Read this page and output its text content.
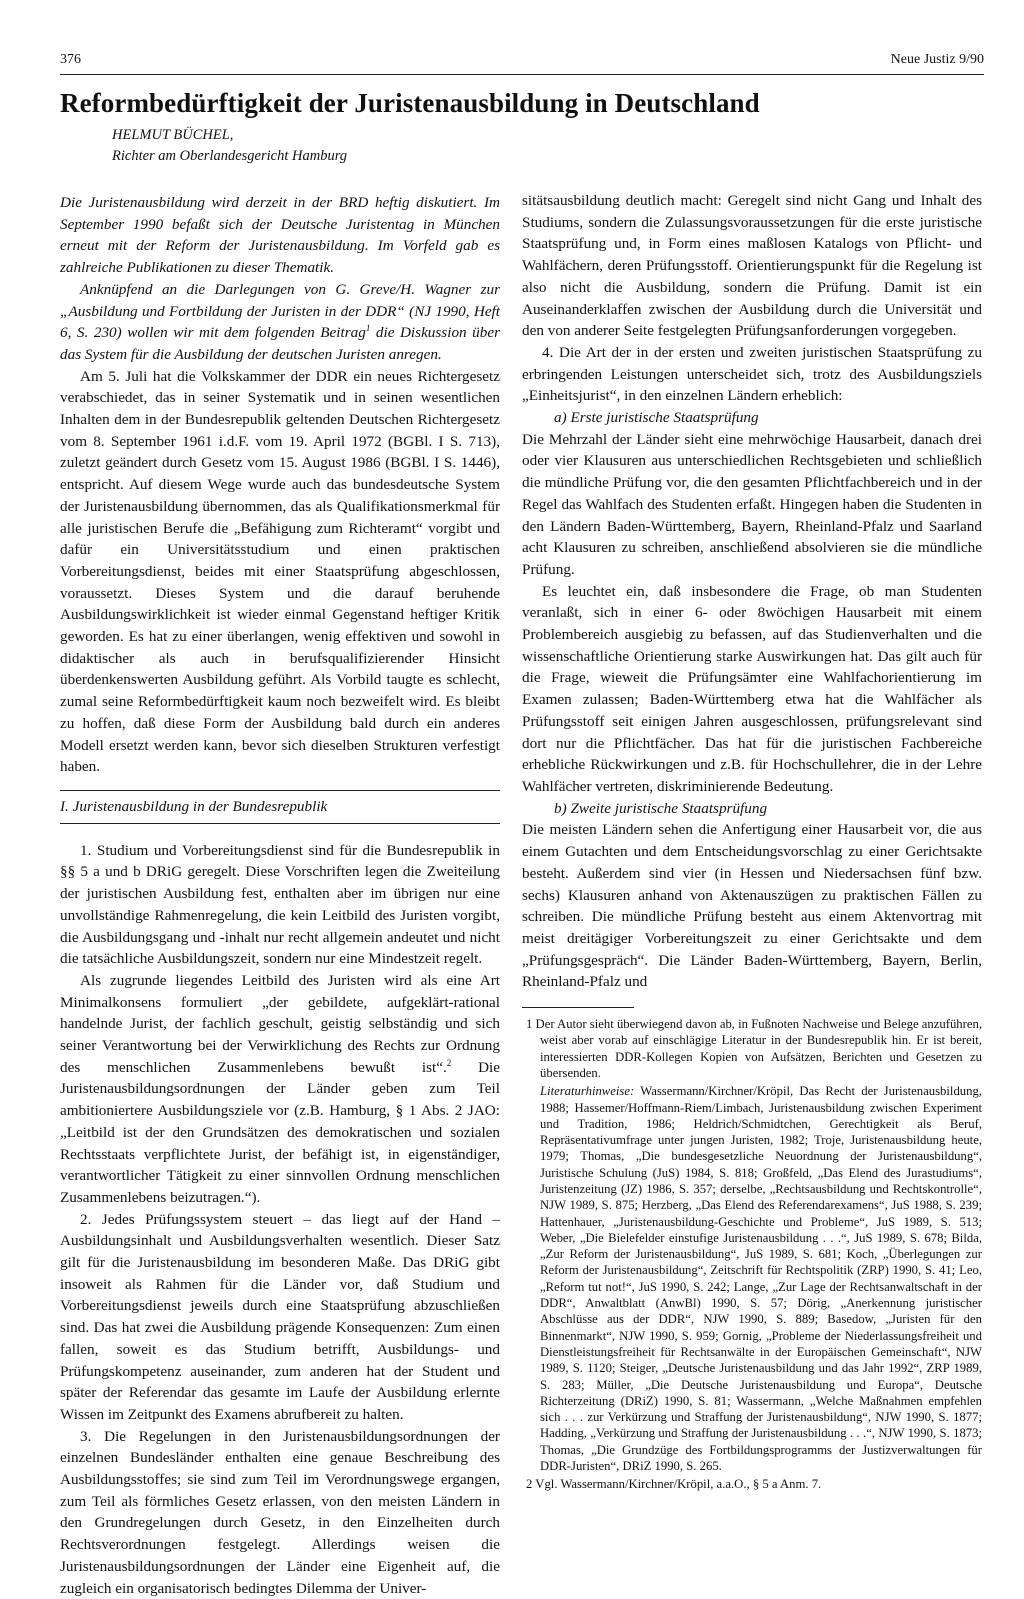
376	Neue Justiz 9/90
Reformbedürftigkeit der Juristenausbildung in Deutschland
HELMUT BÜCHEL,
Richter am Oberlandesgericht Hamburg

Die Juristenausbildung wird derzeit in der BRD heftig diskutiert. Im September 1990 befaßt sich der Deutsche Juristentag in München erneut mit der Reform der Juristenausbildung. Im Vorfeld gab es zahlreiche Publikationen zu dieser Thematik.

Anknüpfend an die Darlegungen von G. Greve/H. Wagner zur „Ausbildung und Fortbildung der Juristen in der DDR“ (NJ 1990, Heft 6, S. 230) wollen wir mit dem folgenden Beitrag$^1$ die Diskussion über das System für die Ausbildung der deutschen Juristen anregen.

Am 5. Juli hat die Volkskammer der DDR ein neues Richtergesetz verabschiedet, das in seiner Systematik und in seinen wesentlichen Inhalten dem in der Bundesrepublik geltenden Deutschen Richtergesetz vom 8. September 1961 i.d.F. vom 19. April 1972 (BGBl. I S. 713), zuletzt geändert durch Gesetz vom 15. August 1986 (BGBl. I S. 1446), entspricht. Auf diesem Wege wurde auch das bundesdeutsche System der Juristenausbildung übernommen, das als Qualifikationsmerkmal für alle juristischen Berufe die „Befähigung zum Richteramt“ vorgibt und dafür ein Universitätsstudium und einen praktischen Vorbereitungsdienst, beides mit einer Staatsprüfung abgeschlossen, voraussetzt. Dieses System und die darauf beruhende Ausbildungswirklichkeit ist wieder einmal Gegenstand heftiger Kritik geworden. Es hat zu einer überlangen, wenig effektiven und sowohl in didaktischer als auch in berufsqualifizierender Hinsicht überdenkenswerten Ausbildung geführt. Als Vorbild taugte es schlecht, zumal seine Reformbedürftigkeit kaum noch bezweifelt wird. Es bleibt zu hoffen, daß diese Form der Ausbildung bald durch ein anderes Modell ersetzt werden kann, bevor sich dieselben Strukturen verfestigt haben.

I. Juristenausbildung in der Bundesrepublik

1. Studium und Vorbereitungsdienst sind für die Bundesrepublik in §§ 5 a und b DRiG geregelt. Diese Vorschriften legen die Zweiteilung der juristischen Ausbildung fest, enthalten aber im übrigen nur eine unvollständige Rahmenregelung, die kein Leitbild des Juristen vorgibt, die Ausbildungsgang und -inhalt nur recht allgemein andeutet und nicht die tatsächliche Ausbildungszeit, sondern nur eine Mindestzeit regelt.

Als zugrunde liegendes Leitbild des Juristen wird als eine Art Minimalkonsens formuliert „der gebildete, aufgeklärt-rational handelnde Jurist, der fachlich geschult, geistig selbständig und sich seiner Verantwortung bei der Verwirklichung des Rechts zur Ordnung des menschlichen Zusammenlebens bewußt ist“.$^2$ Die Juristenausbildungsordnungen der Länder geben zum Teil ambitioniertere Ausbildungsziele vor (z.B. Hamburg, § 1 Abs. 2 JAO: „Leitbild ist der den Grundsätzen des demokratischen und sozialen Rechtsstaats verpflichtete Jurist, der befähigt ist, in eigenständiger, verantwortlicher Tätigkeit zu einer sinnvollen Ordnung menschlichen Zusammenlebens beizutragen.“).

2. Jedes Prüfungssystem steuert – das liegt auf der Hand – Ausbildungsinhalt und Ausbildungsverhalten wesentlich. Dieser Satz gilt für die Juristenausbildung im besonderen Maße. Das DRiG gibt insoweit als Rahmen für die Länder vor, daß Studium und Vorbereitungsdienst jeweils durch eine Staatsprüfung abzuschließen sind. Das hat zwei die Ausbildung prägende Konsequenzen: Zum einen fallen, soweit es das Studium betrifft, Ausbildungs- und Prüfungskompetenz auseinander, zum anderen hat der Student und später der Referendar das gesamte im Laufe der Ausbildung erlernte Wissen im Zeitpunkt des Examens abrufbereit zu halten.

3. Die Regelungen in den Juristenausbildungsordnungen der einzelnen Bundesländer enthalten eine genaue Beschreibung des Ausbildungsstoffes; sie sind zum Teil im Verordnungswege ergangen, zum Teil als förmliches Gesetz erlassen, von den meisten Ländern in den Grundregelungen durch Gesetz, in den Einzelheiten durch Rechtsverordnungen festgelegt. Allerdings weisen die Juristenausbildungsordnungen der Länder eine Eigenheit auf, die zugleich ein organisatorisch bedingtes Dilemma der Univer-

sitätsausbildung deutlich macht: Geregelt sind nicht Gang und Inhalt des Studiums, sondern die Zulassungsvoraussetzungen für die erste juristische Staatsprüfung und, in Form eines maßlosen Katalogs von Pflicht- und Wahlfächern, deren Prüfungsstoff. Orientierungspunkt für die Regelung ist also nicht die Ausbildung, sondern die Prüfung. Damit ist ein Auseinanderklaffen zwischen der Ausbildung durch die Universität und den von anderer Seite festgelegten Prüfungsanforderungen vorgegeben.

4. Die Art der in der ersten und zweiten juristischen Staatsprüfung zu erbringenden Leistungen unterscheidet sich, trotz des Ausbildungsziels „Einheitsjurist“, in den einzelnen Ländern erheblich:

a) Erste juristische Staatsprüfung

Die Mehrzahl der Länder sieht eine mehrwöchige Hausarbeit, danach drei oder vier Klausuren aus unterschiedlichen Rechtsgebieten und schließlich die mündliche Prüfung vor, die den gesamten Pflichtfachbereich und in der Regel das Wahlfach des Studenten erfaßt. Hingegen haben die Studenten in den Ländern Baden-Württemberg, Bayern, Rheinland-Pfalz und Saarland acht Klausuren zu schreiben, anschließend absolvieren sie die mündliche Prüfung.

Es leuchtet ein, daß insbesondere die Frage, ob man Studenten veranlaßt, sich in einer 6- oder 8wöchigen Hausarbeit mit einem Problembereich ausgiebig zu befassen, auf das Studienverhalten und die wissenschaftliche Orientierung starke Auswirkungen hat. Das gilt auch für die Frage, wieweit die Prüfungsämter eine Wahlfachorientierung im Examen zulassen; Baden-Württemberg etwa hat die Wahlfächer als Prüfungsstoff seit einigen Jahren ausgeschlossen, prüfungsrelevant sind dort nur die Pflichtfächer. Das hat für die juristischen Fachbereiche erhebliche Rückwirkungen und z.B. für Hochschullehrer, die in der Lehre Wahlfächer vertreten, diskriminierende Bedeutung.

b) Zweite juristische Staatsprüfung

Die meisten Ländern sehen die Anfertigung einer Hausarbeit vor, die aus einem Gutachten und dem Entscheidungsvorschlag zu einer Gerichtsakte besteht. Außerdem sind vier (in Hessen und Niedersachsen fünf bzw. sechs) Klausuren anhand von Aktenauszügen zu praktischen Fällen zu schreiben. Die mündliche Prüfung besteht aus einem Aktenvortrag mit meist dreitägiger Vorbereitungszeit zu einer Gerichtsakte und dem „Prüfungsgespräch“. Die Länder Baden-Württemberg, Bayern, Berlin, Rheinland-Pfalz und

1 Der Autor sieht überwiegend davon ab, in Fußnoten Nachweise und Belege anzuführen, weist aber vorab auf einschlägige Literatur in der Bundesrepublik hin. Er ist bereit, interessierten DDR-Kollegen Kopien von Aufsätzen, Berichten und Gesetzen zu übersenden.

Literaturhinweise: Wassermann/Kirchner/Kröpil, Das Recht der Juristenausbildung, 1988; Hassemer/Hoffmann-Riem/Limbach, Juristenausbildung zwischen Experiment und Tradition, 1986; Heldrich/Schmidtchen, Gerechtigkeit als Beruf, Repräsentativumfrage unter jungen Juristen, 1982; Troje, Juristenausbildung heute, 1979; Thomas, „Die bundesgesetzliche Neuordnung der Juristenausbildung“, Juristische Schulung (JuS) 1984, S. 818; Großfeld, „Das Elend des Jurastudiums“, Juristenzeitung (JZ) 1986, S. 357; derselbe, „Rechtsausbildung und Rechtskontrolle“, NJW 1989, S. 875; Herzberg, „Das Elend des Referendarexamens“, JuS 1988, S. 239; Hattenhauer, „Juristenausbildung-Geschichte und Probleme“, JuS 1989, S. 513; Weber, „Die Bielefelder einstufige Juristenausbildung . . .“, JuS 1989, S. 678; Bilda, „Zur Reform der Juristenausbildung“, JuS 1989, S. 681; Koch, „Überlegungen zur Reform der Juristenausbildung“, Zeitschrift für Rechtspolitik (ZRP) 1990, S. 41; Leo, „Reform tut not!“, JuS 1990, S. 242; Lange, „Zur Lage der Rechtsanwaltschaft in der DDR“, Anwaltblatt (AnwBl) 1990, S. 57; Dörig, „Anerkennung juristischer Abschlüsse aus der DDR“, NJW 1990, S. 889; Basedow, „Juristen für den Binnenmarkt“, NJW 1990, S. 959; Gornig, „Probleme der Niederlassungsfreiheit und Dienstleistungsfreiheit für Rechtsanwälte in der Europäischen Gemeinschaft“, NJW 1989, S. 1120; Steiger, „Deutsche Juristenausbildung und das Jahr 1992“, ZRP 1989, S. 283; Müller, „Die Deutsche Juristenausbildung und Europa“, Deutsche Richterzeitung (DRiZ) 1990, S. 81; Wassermann, „Welche Maßnahmen empfehlen sich . . . zur Verkürzung und Straffung der Juristenausbildung“, NJW 1990, S. 1877; Hadding, „Verkürzung und Straffung der Juristenausbildung . . .“, NJW 1990, S. 1873; Thomas, „Die Grundzüge des Fortbildungsprogramms der Justizverwaltungen für DDR-Juristen“, DRiZ 1990, S. 265.

2 Vgl. Wassermann/Kirchner/Kröpil, a.a.O., § 5 a Anm. 7.
